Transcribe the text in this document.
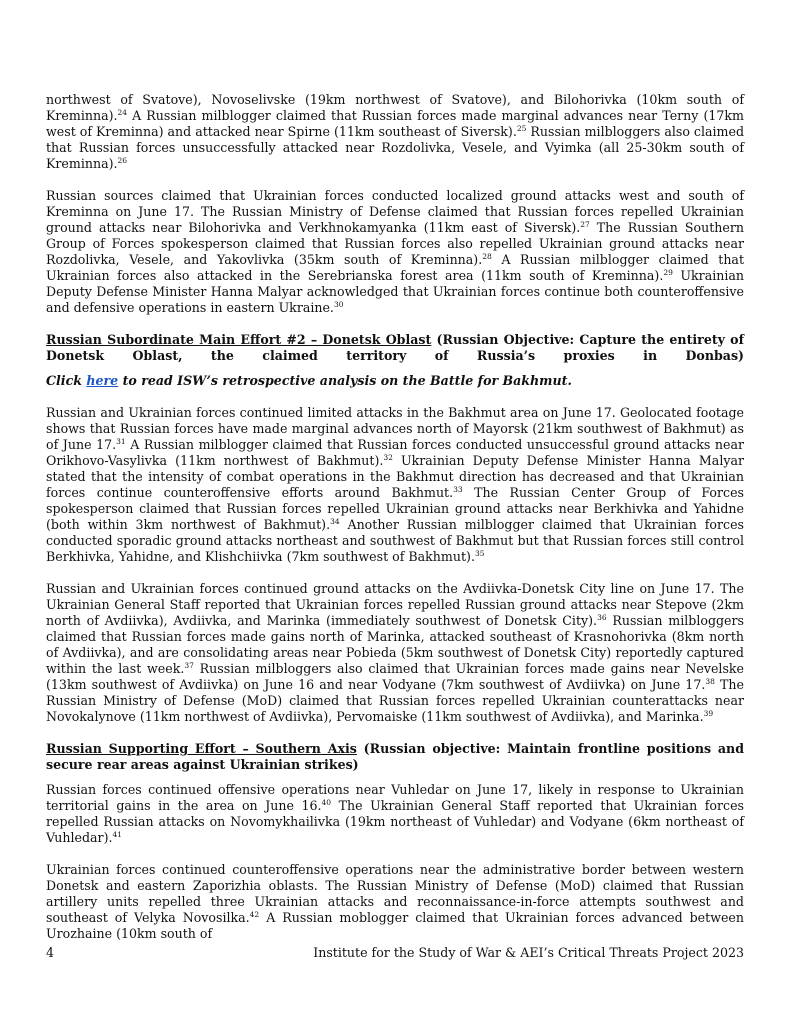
northwest of Svatove), Novoselivske (19km northwest of Svatove), and Bilohorivka (10km south of Kreminna).$^{24}$ A Russian milblogger claimed that Russian forces made marginal advances near Terny (17km west of Kreminna) and attacked near Spirne (11km southeast of Siversk).$^{25}$ Russian milbloggers also claimed that Russian forces unsuccessfully attacked near Rozdolivka, Vesele, and Vyimka (all 25-30km south of Kreminna).$^{26}$

Russian sources claimed that Ukrainian forces conducted localized ground attacks west and south of Kreminna on June 17. The Russian Ministry of Defense claimed that Russian forces repelled Ukrainian ground attacks near Bilohorivka and Verkhnokamyanka (11km east of Siversk).$^{27}$ The Russian Southern Group of Forces spokesperson claimed that Russian forces also repelled Ukrainian ground attacks near Rozdolivka, Vesele, and Yakovlivka (35km south of Kreminna).$^{28}$ A Russian milblogger claimed that Ukrainian forces also attacked in the Serebrianska forest area (11km south of Kreminna).$^{29}$ Ukrainian Deputy Defense Minister Hanna Malyar acknowledged that Ukrainian forces continue both counteroffensive and defensive operations in eastern Ukraine.$^{30}$

Russian Subordinate Main Effort #2 – Donetsk Oblast (Russian Objective: Capture the entirety of Donetsk Oblast, the claimed territory of Russia’s proxies in Donbas)

Click here to read ISW’s retrospective analysis on the Battle for Bakhmut.

Russian and Ukrainian forces continued limited attacks in the Bakhmut area on June 17. Geolocated footage shows that Russian forces have made marginal advances north of Mayorsk (21km southwest of Bakhmut) as of June 17.31 A Russian milblogger claimed that Russian forces conducted unsuccessful ground attacks near Orikhovo-Vasylivka (11km northwest of Bakhmut).$^{32}$ Ukrainian Deputy Defense Minister Hanna Malyar stated that the intensity of combat operations in the Bakhmut direction has decreased and that Ukrainian forces continue counteroffensive efforts around Bakhmut.$^{33}$ The Russian Center Group of Forces spokesperson claimed that Russian forces repelled Ukrainian ground attacks near Berkhivka and Yahidne (both within 3km northwest of Bakhmut).$^{34}$ Another Russian milblogger claimed that Ukrainian forces conducted sporadic ground attacks northeast and southwest of Bakhmut but that Russian forces still control Berkhivka, Yahidne, and Klishchiivka (7km southwest of Bakhmut).$^{35}$

Russian and Ukrainian forces continued ground attacks on the Avdiivka-Donetsk City line on June 17. The Ukrainian General Staff reported that Ukrainian forces repelled Russian ground attacks near Stepove (2km north of Avdiivka), Avdiivka, and Marinka (immediately southwest of Donetsk City).$^{36}$ Russian milbloggers claimed that Russian forces made gains north of Marinka, attacked southeast of Krasnohorivka (8km north of Avdiivka), and are consolidating areas near Pobieda (5km southwest of Donetsk City) reportedly captured within the last week.$^{37}$ Russian milbloggers also claimed that Ukrainian forces made gains near Nevelske (13km southwest of Avdiivka) on June 16 and near Vodyane (7km southwest of Avdiivka) on June 17.38 The Russian Ministry of Defense (MoD) claimed that Russian forces repelled Ukrainian counterattacks near Novokalynove (11km northwest of Avdiivka), Pervomaiske (11km southwest of Avdiivka), and Marinka.$^{39}$

Russian Supporting Effort – Southern Axis (Russian objective: Maintain frontline positions and secure rear areas against Ukrainian strikes)

Russian forces continued offensive operations near Vuhledar on June 17, likely in response to Ukrainian territorial gains in the area on June 16.40 The Ukrainian General Staff reported that Ukrainian forces repelled Russian attacks on Novomykhailivka (19km northeast of Vuhledar) and Vodyane (6km northeast of Vuhledar).$^{41}$

Ukrainian forces continued counteroffensive operations near the administrative border between western Donetsk and eastern Zaporizhia oblasts. The Russian Ministry of Defense (MoD) claimed that Russian artillery units repelled three Ukrainian attacks and reconnaissance-in-force attempts southwest and southeast of Velyka Novosilka.$^{42}$ A Russian moblogger claimed that Ukrainian forces advanced between Urozhaine (10km south of

4	Institute for the Study of War & AEI’s Critical Threats Project 2023
